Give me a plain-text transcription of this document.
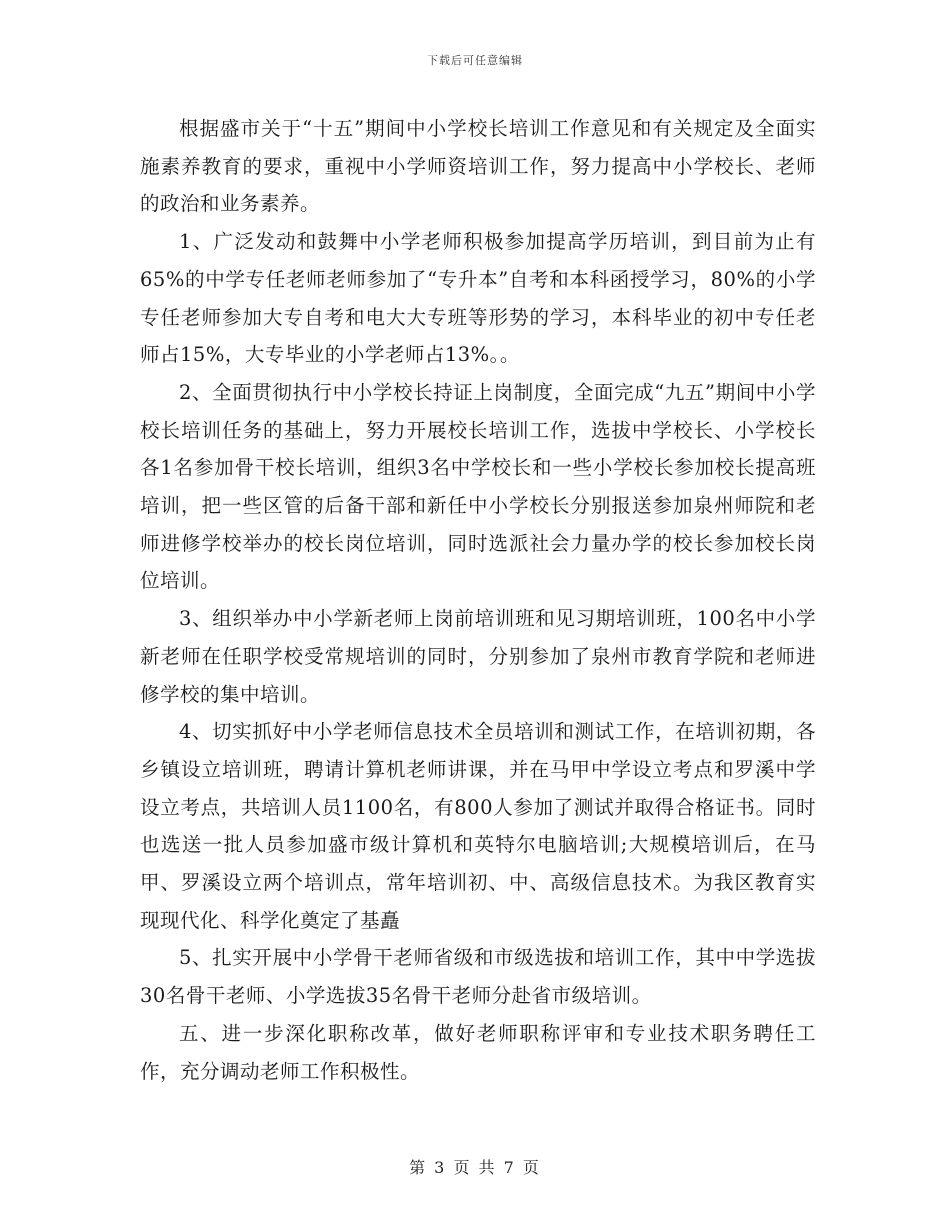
下载后可任意编辑

根据盛市关于“十五”期间中小学校长培训工作意见和有关规定及全面实施素养教育的要求，重视中小学师资培训工作，努力提高中小学校长、老师的政治和业务素养。

1、广泛发动和鼓舞中小学老师积极参加提高学历培训，到目前为止有65%的中学专任老师老师参加了“专升本”自考和本科函授学习，80%的小学专任老师参加大专自考和电大大专班等形势的学习，本科毕业的初中专任老师占15%，大专毕业的小学老师占13%。。

2、全面贯彻执行中小学校长持证上岗制度，全面完成“九五”期间中小学校长培训任务的基础上，努力开展校长培训工作，选拔中学校长、小学校长各1名参加骨干校长培训，组织3名中学校长和一些小学校长参加校长提高班培训，把一些区管的后备干部和新任中小学校长分别报送参加泉州师院和老师进修学校举办的校长岗位培训，同时选派社会力量办学的校长参加校长岗位培训。

3、组织举办中小学新老师上岗前培训班和见习期培训班，100名中小学新老师在任职学校受常规培训的同时，分别参加了泉州市教育学院和老师进修学校的集中培训。

4、切实抓好中小学老师信息技术全员培训和测试工作，在培训初期，各乡镇设立培训班，聘请计算机老师讲课，并在马甲中学设立考点和罗溪中学设立考点，共培训人员1100名，有800人参加了测试并取得合格证书。同时也选送一批人员参加盛市级计算机和英特尔电脑培训;大规模培训后，在马甲、罗溪设立两个培训点，常年培训初、中、高级信息技术。为我区教育实现现代化、科学化奠定了基矗

5、扎实开展中小学骨干老师省级和市级选拔和培训工作，其中中学选拔30名骨干老师、小学选拔35名骨干老师分赴省市级培训。

五、进一步深化职称改革，做好老师职称评审和专业技术职务聘任工作，充分调动老师工作积极性。

第 3 页 共 7 页
